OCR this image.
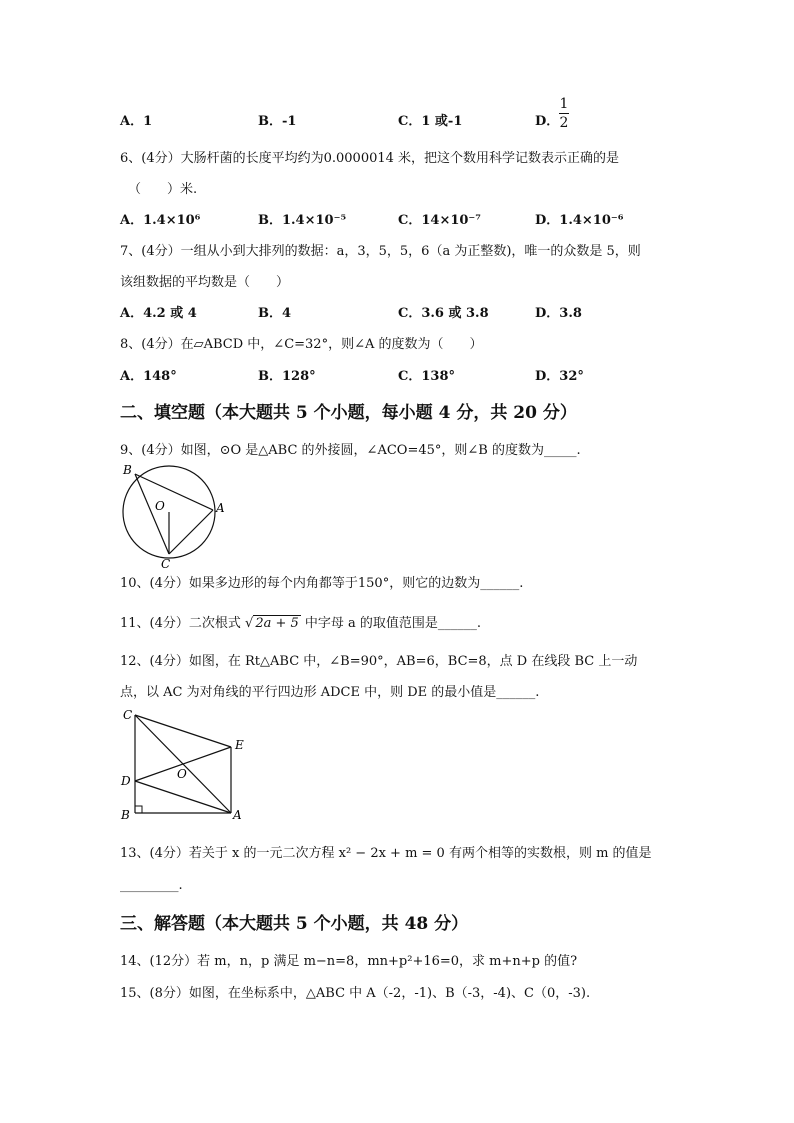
A．1	B．-1	C．1 或-1	D．
1
2
6、(4分）大肠杆菌的长度平均约为0.0000014 米，把这个数用科学记数表示正确的是
（　　）米.
A．1.4×10⁶	B．1.4×10⁻⁵	C．14×10⁻⁷	D．1.4×10⁻⁶
7、(4分）一组从小到大排列的数据：a，3，5，5，6（a 为正整数)，唯一的众数是 5，则
该组数据的平均数是（　　）
A．4.2 或 4	B．4	C．3.6 或 3.8	D．3.8
8、(4分）在▱ABCD 中，∠C=32°，则∠A 的度数为（　　）
A．148°	B．128°	C．138°	D．32°
二、填空题（本大题共 5 个小题，每小题 4 分，共 20 分）
9、(4分）如图，⊙O 是△ABC 的外接圆，∠ACO=45°，则∠B 的度数为_____.
B
O	A
C
10、(4分）如果多边形的每个内角都等于150°，则它的边数为______.
11、(4分）二次根式 √ 2a + 5 中字母 a 的取值范围是______.
12、(4分）如图，在 Rt△ABC 中，∠B=90°，AB=6，BC=8，点 D 在线段 BC 上一动
点，以 AC 为对角线的平行四边形 ADCE 中，则 DE 的最小值是______.
C
E
D	O
B	A
13、(4分）若关于 x 的一元二次方程 x² − 2x + m = 0 有两个相等的实数根，则 m 的值是
_________.
三、解答题（本大题共 5 个小题，共 48 分）
14、(12分）若 m，n，p 满足 m−n=8，mn+p²+16=0，求 m+n+p 的值?
15、(8分）如图，在坐标系中，△ABC 中 A（-2，-1)、B（-3，-4)、C（0，-3).
